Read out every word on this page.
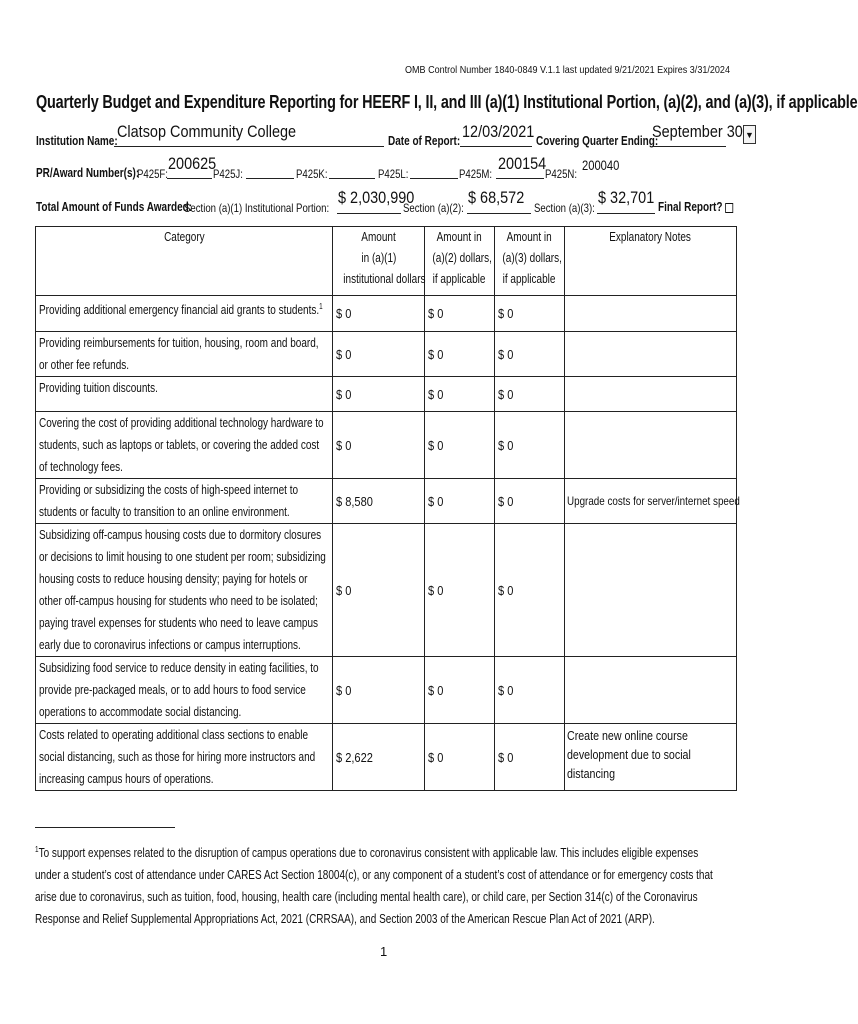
OMB Control Number 1840-0849 V.1.1 last updated 9/21/2021 Expires 3/31/2024
Quarterly Budget and Expenditure Reporting for HEERF I, II, and III (a)(1) Institutional Portion, (a)(2), and (a)(3), if applicable
Institution Name: Clatsop Community College	Date of Report: 12/03/2021 Covering Quarter Ending:
September 30 ▼
PR/Award Number(s):
P425F:
200625
P425J:	P425K:	P425L:	P425M:
200154
P425N:
200040
Total Amount of Funds Awarded:
Section (a)(1) Institutional Portion:
$ 2,030,990
Section (a)(2):
$ 68,572
Section (a)(3):
$ 32,701 Final Report?
Category	Amount
in (a)(1)
institutional dollars	Amount in
(a)(2) dollars,
if applicable	Amount in
(a)(3) dollars,
if applicable	Explanatory Notes

Providing additional emergency financial aid grants to students.$^1$	$ 0	$ 0	$ 0	

Providing reimbursements for tuition, housing, room and board, or other fee refunds.	$ 0	$ 0	$ 0	

Providing tuition discounts.	$ 0	$ 0	$ 0	

Covering the cost of providing additional technology hardware to students, such as laptops or tablets, or covering the added cost of technology fees.	$ 0	$ 0	$ 0	

Providing or subsidizing the costs of high-speed internet to students or faculty to transition to an online environment.	$ 8,580	$ 0	$ 0	Upgrade costs for server/internet speed

Subsidizing off-campus housing costs due to dormitory closures or decisions to limit housing to one student per room; subsidizing housing costs to reduce housing density; paying for hotels or other off-campus housing for students who need to be isolated; paying travel expenses for students who need to leave campus early due to coronavirus infections or campus interruptions.	$ 0	$ 0	$ 0	

Subsidizing food service to reduce density in eating facilities, to provide pre-packaged meals, or to add hours to food service operations to accommodate social distancing.	$ 0	$ 0	$ 0	

Costs related to operating additional class sections to enable social distancing, such as those for hiring more instructors and increasing campus hours of operations.	$ 2,622	$ 0	$ 0	Create new online course development due to social distancing
$^1$To support expenses related to the disruption of campus operations due to coronavirus consistent with applicable law. This includes eligible expenses under a student’s cost of attendance under CARES Act Section 18004(c), or any component of a student’s cost of attendance or for emergency costs that arise due to coronavirus, such as tuition, food, housing, health care (including mental health care), or child care, per Section 314(c) of the Coronavirus Response and Relief Supplemental Appropriations Act, 2021 (CRRSAA), and Section 2003 of the American Rescue Plan Act of 2021 (ARP).
1
